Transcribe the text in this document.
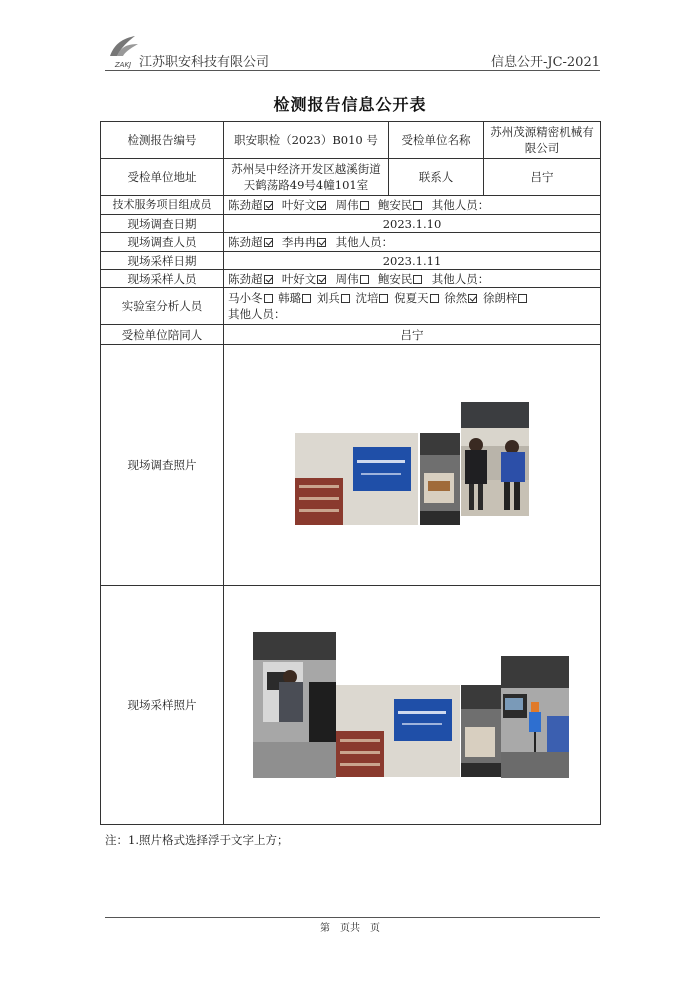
ZAKJ 江苏职安科技有限公司	信息公开-JC-2021
检测报告信息公开表
检测报告编号	职安职检（2023）B010 号	受检单位名称	苏州茂源精密机械有限公司
受检单位地址	苏州吴中经济开发区越溪街道天鹤荡路49号4幢101室	联系人	吕宁
技术服务项目组成员	陈劲超 叶好文 周伟 鲍安民 其他人员：		
现场调查日期	2023.1.10		
现场调查人员	陈劲超 李冉冉 其他人员：		
现场采样日期	2023.1.11		
现场采样人员	陈劲超 叶好文 周伟 鲍安民 其他人员：		
实验室分析人员	马小冬 韩璐 刘兵 沈培 倪夏天 徐然 徐朗梓
其他人员：		
受检单位陪同人	吕宁		
现场调查照片			

现场采样照片			
注：1.照片格式选择浮于文字上方；
第　页共　页
